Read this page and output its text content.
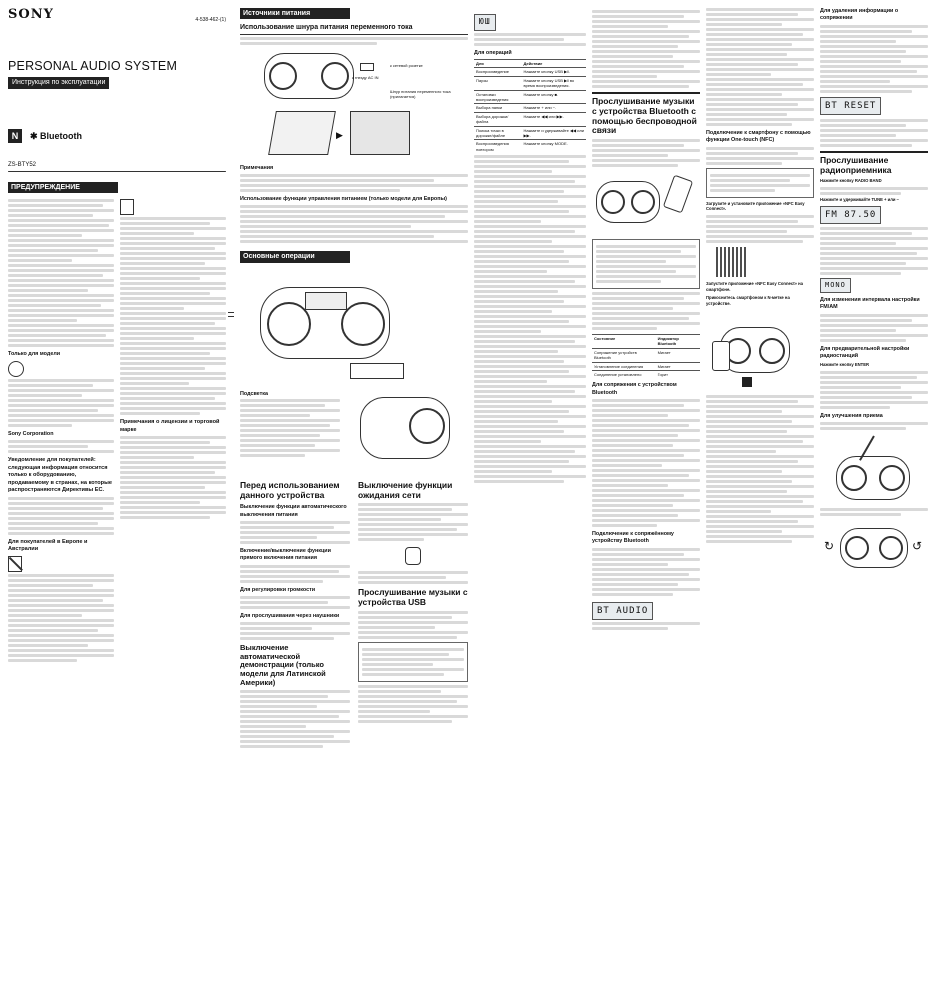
SONY	4-538-462-(1)
PERSONAL AUDIO SYSTEM
Инструкция по эксплуатации
N	✱ Bluetooth
ZS-BTY52
ПРЕДУПРЕЖДЕНИЕ
Только для модели
Sony Corporation
Уведомление для покупателей: следующая информация относится только к оборудованию, продаваемому в странах, на которые распространяются Директивы ЕС.
Для покупателей в Европе и Австралии
Примечания о лицензии и торговой марке
Источники питания
Использование шнура питания переменного тока
к гнезду AC IN
Шнур питания переменного тока (прилагается)
к сетевой розетке
▶
Примечания
Использование функции управления питанием (только модели для Европы)
Основные операции
Подсветка
Перед использованием данного устройства
Выключение функции автоматического выключения питания
Включение/выключение функции прямого включения питания
Для регулировки громкости
Для прослушивания через наушники
Выключение автоматической демонстрации (только модели для Латинской Америки)
Выключение функции ожидания сети
Прослушивание музыки с устройства USB
ЮШ
Для операций
Для	Действие
Воспроизведение	Нажмите кнопку USB ▶‖.
Паузы	Нажмите кнопку USB ▶‖ во время воспроизведения.
Остановки воспроизведения	Нажмите кнопку ■.
Выбора папки	Нажмите + или −.
Выбора дорожки/файла	Нажмите ◀◀ или ▶▶.
Поиска точки в дорожке/файле	Нажмите и удерживайте ◀◀ или ▶▶.
Воспроизведения повтором	Нажмите кнопку MODE.
Прослушивание музыки с устройства Bluetooth с помощью беспроводной связи
Состояние	Индикатор Bluetooth
Сопряжение устройств Bluetooth	Мигает
Установление соединения	Мигает
Соединение установлено	Горит
Для сопряжения с устройством Bluetooth
Подключение к сопряжённому устройству Bluetooth
BT AUDIO
Подключение к смартфону с помощью функции One-touch (NFC)
Загрузите и установите приложение «NFC Easy Connect».
Запустите приложение «NFC Easy Connect» на смартфоне.
Прикоснитесь смартфоном к N-метке на устройстве.
Для удаления информации о сопряжении
BT RESET
Прослушивание радиоприемника
Нажмите кнопку RADIO BAND
Нажмите и удерживайте TUNE + или −
FM 87.50
MONO
Для изменения интервала настройки FM/AM
Для предварительной настройки радиостанций
Нажмите кнопку ENTER
Для улучшения приема
↻	↺
